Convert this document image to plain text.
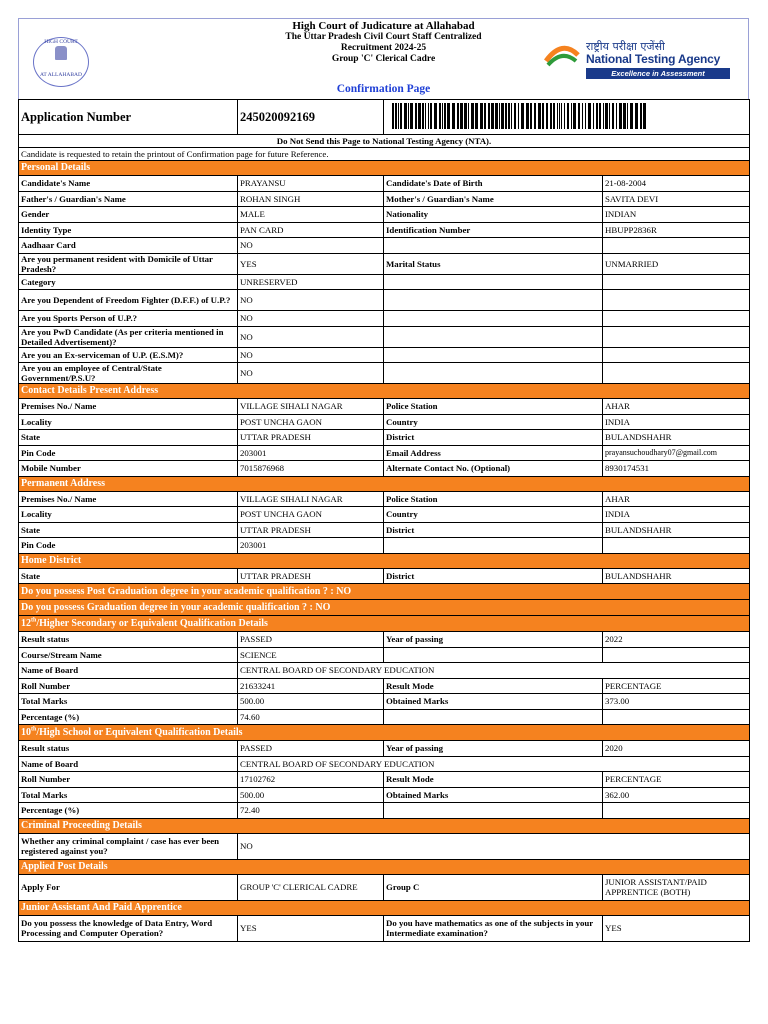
HIGH COURT
AT ALLAHABAD
High Court of Judicature at Allahabad
The Uttar Pradesh Civil Court Staff Centralized
Recruitment 2024-25
Group 'C' Clerical Cadre
Confirmation Page
राष्ट्रीय परीक्षा एजेंसी
National Testing Agency
Excellence in Assessment
Application Number	245020092169	
Do Not Send this Page to National Testing Agency (NTA).			
Candidate is requested to retain the printout of Confirmation page for future Reference.			
Personal Details			
Candidate's Name	PRAYANSU	Candidate's Date of Birth	21-08-2004
Father's / Guardian's Name	ROHAN SINGH	Mother's / Guardian's Name	SAVITA DEVI
Gender	MALE	Nationality	INDIAN
Identity Type	PAN CARD	Identification Number	HBUPP2836R
Aadhaar Card	NO		
Are you permanent resident with Domicile of Uttar Pradesh?	YES	Marital Status	UNMARRIED
Category	UNRESERVED		
Are you Dependent of Freedom Fighter (D.F.F.) of U.P.?	NO		
Are you Sports Person of U.P.?	NO		
Are you PwD Candidate (As per criteria mentioned in Detailed Advertisement)?	NO		
Are you an Ex-serviceman of U.P. (E.S.M)?	NO		
Are you an employee of Central/State Government/P.S.U?	NO		
Contact Details Present Address			
Premises No./ Name	VILLAGE SIHALI NAGAR	Police Station	AHAR
Locality	POST UNCHA GAON	Country	INDIA
State	UTTAR PRADESH	District	BULANDSHAHR
Pin Code	203001	Email Address	prayansuchoudhary07@gmail.com
Mobile Number	7015876968	Alternate Contact No. (Optional)	8930174531
Permanent Address			
Premises No./ Name	VILLAGE SIHALI NAGAR	Police Station	AHAR
Locality	POST UNCHA GAON	Country	INDIA
State	UTTAR PRADESH	District	BULANDSHAHR
Pin Code	203001		
Home District			
State	UTTAR PRADESH	District	BULANDSHAHR
Do you possess Post Graduation degree in your academic qualification ? : NO			
Do you possess Graduation degree in your academic qualification ? : NO			
12th/Higher Secondary or Equivalent Qualification Details			
Result status	PASSED	Year of passing	2022
Course/Stream Name	SCIENCE		
Name of Board	CENTRAL BOARD OF SECONDARY EDUCATION		
Roll Number	21633241	Result Mode	PERCENTAGE
Total Marks	500.00	Obtained Marks	373.00
Percentage (%)	74.60		
10th/High School or Equivalent Qualification Details			
Result status	PASSED	Year of passing	2020
Name of Board	CENTRAL BOARD OF SECONDARY EDUCATION		
Roll Number	17102762	Result Mode	PERCENTAGE
Total Marks	500.00	Obtained Marks	362.00
Percentage (%)	72.40		
Criminal Proceeding Details			
Whether any criminal complaint / case has ever been registered against you?	NO		
Applied Post Details			
Apply For	GROUP 'C' CLERICAL CADRE	Group C	JUNIOR ASSISTANT/PAID APPRENTICE (BOTH)
Junior Assistant And Paid Apprentice			
Do you possess the knowledge of Data Entry, Word Processing and Computer Operation?	YES	Do you have mathematics as one of the subjects in your Intermediate examination?	YES
